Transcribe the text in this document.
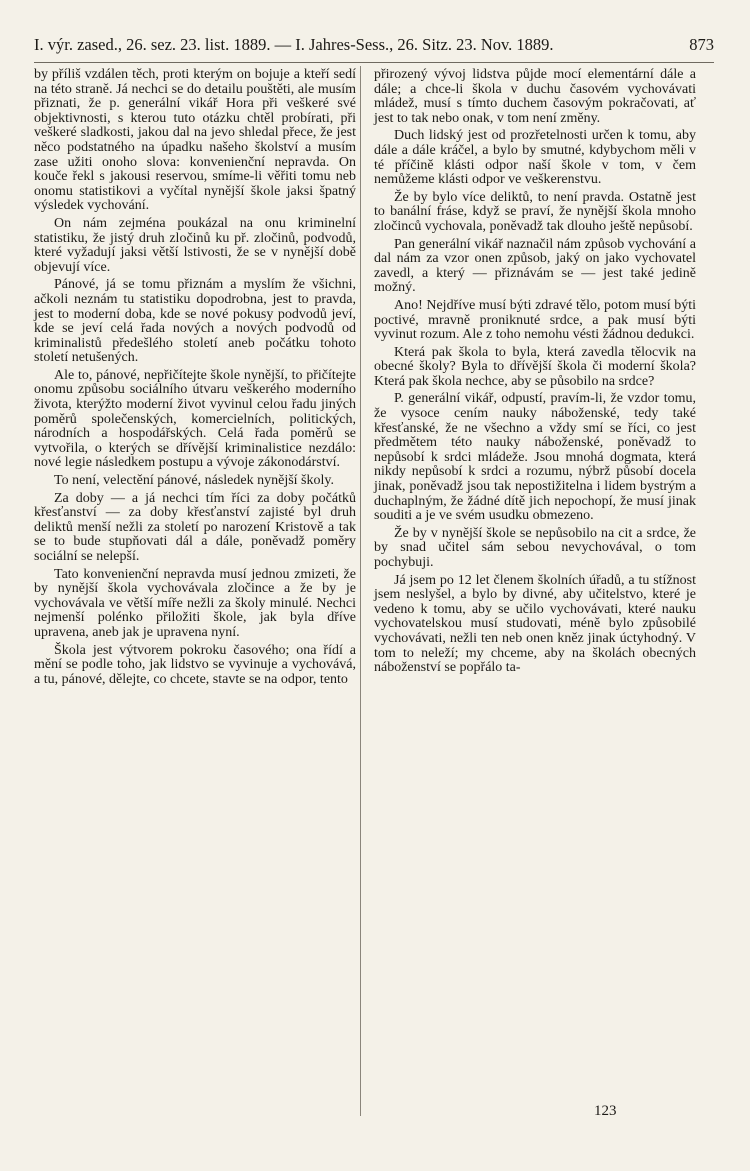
I. výr. zased., 26. sez. 23. list. 1889. — I. Jahres-Sess., 26. Sitz. 23. Nov. 1889.	873

by příliš vzdálen těch, proti kterým on bojuje a kteří sedí na této straně. Já nechci se do detailu pouštěti, ale musím přiznati, že p. generální vikář Hora při veškeré své objektivnosti, s kterou tuto otázku chtěl probírati, při veškeré sladkosti, jakou dal na jevo shledal přece, že jest něco podstatného na úpadku našeho školství a musím zase užiti onoho slova: konvenienční nepravda. On kouče řekl s jakousi reservou, smíme-li věřiti tomu neb onomu statistikovi a vyčítal nynější škole jaksi špatný výsledek vychování.

On nám zejména poukázal na onu kriminelní statistiku, že jistý druh zločinů ku př. zločinů, podvodů, které vyžadují jaksi větší lstivosti, že se v nynější době objevují více.

Pánové, já se tomu přiznám a myslím že všichni, ačkoli neznám tu statistiku dopodrobna, jest to pravda, jest to moderní doba, kde se nové pokusy podvodů jeví, kde se jeví celá řada nových a nových podvodů od kriminalistů předešlého století aneb počátku tohoto století netušených.

Ale to, pánové, nepřičítejte škole nynější, to přičítejte onomu způsobu sociálního útvaru veškerého moderního života, kterýžto moderní život vyvinul celou řadu jiných poměrů společenských, komercielních, politických, národních a hospodářských. Celá řada poměrů se vytvořila, o kterých se dřívější kriminalistice nezdálo: nové legie následkem postupu a vývoje zákonodárství.

To není, velectění pánové, následek nynější školy.

Za doby — a já nechci tím říci za doby počátků křesťanství — za doby křesťanství zajisté byl druh deliktů menší nežli za století po narození Kristově a tak se to bude stupňovati dál a dále, poněvadž poměry sociální se nelepší.

Tato konvenienční nepravda musí jednou zmizeti, že by nynější škola vychovávala zločince a že by je vychovávala ve větší míře nežli za školy minulé. Nechci nejmenší polénko přiložiti škole, jak byla dříve upravena, aneb jak je upravena nyní.

Škola jest výtvorem pokroku časového; ona řídí a mění se podle toho, jak lidstvo se vyvinuje a vychovává, a tu, pánové, dělejte, co chcete, stavte se na odpor, tento

přirozený vývoj lidstva půjde mocí elementární dále a dále; a chce-li škola v duchu časovém vychovávati mládež, musí s tímto duchem časovým pokračovati, ať jest to tak nebo onak, v tom není změny.

Duch lidský jest od prozřetelnosti určen k tomu, aby dále a dále kráčel, a bylo by smutné, kdybychom měli v té příčině klásti odpor naší škole v tom, v čem nemůžeme klásti odpor ve veškerenstvu.

Že by bylo více deliktů, to není pravda. Ostatně jest to banální fráse, když se praví, že nynější škola mnoho zločinců vychovala, poněvadž tak dlouho ještě nepůsobí.

Pan generální vikář naznačil nám způsob vychování a dal nám za vzor onen způsob, jaký on jako vychovatel zavedl, a který — přiznávám se — jest také jedině možný.

Ano! Nejdříve musí býti zdravé tělo, potom musí býti poctivé, mravně proniknuté srdce, a pak musí býti vyvinut rozum. Ale z toho nemohu vésti žádnou dedukci.

Která pak škola to byla, která zavedla tělocvik na obecné školy? Byla to dřívější škola či moderní škola? Která pak škola nechce, aby se působilo na srdce?

P. generální vikář, odpustí, pravím-li, že vzdor tomu, že vysoce cením nauky náboženské, tedy také křesťanské, že ne všechno a vždy smí se říci, co jest předmětem této nauky náboženské, poněvadž to nepůsobí k srdci mládeže. Jsou mnohá dogmata, která nikdy nepůsobí k srdci a rozumu, nýbrž působí docela jinak, poněvadž jsou tak nepostižitelna i lidem bystrým a duchaplným, že žádné dítě jich nepochopí, že musí jinak souditi a je ve svém usudku obmezeno.

Že by v nynější škole se nepůsobilo na cit a srdce, že by snad učitel sám sebou nevychovával, o tom pochybuji.

Já jsem po 12 let členem školních úřadů, a tu stížnost jsem neslyšel, a bylo by divné, aby učitelstvo, které je vedeno k tomu, aby se učilo vychovávati, které nauku vychovatelskou musí studovati, méně bylo způsobilé vychovávati, nežli ten neb onen kněz jinak úctyhodný. V tom to neleží; my chceme, aby na školách obecných náboženství se popřálo ta-

123
